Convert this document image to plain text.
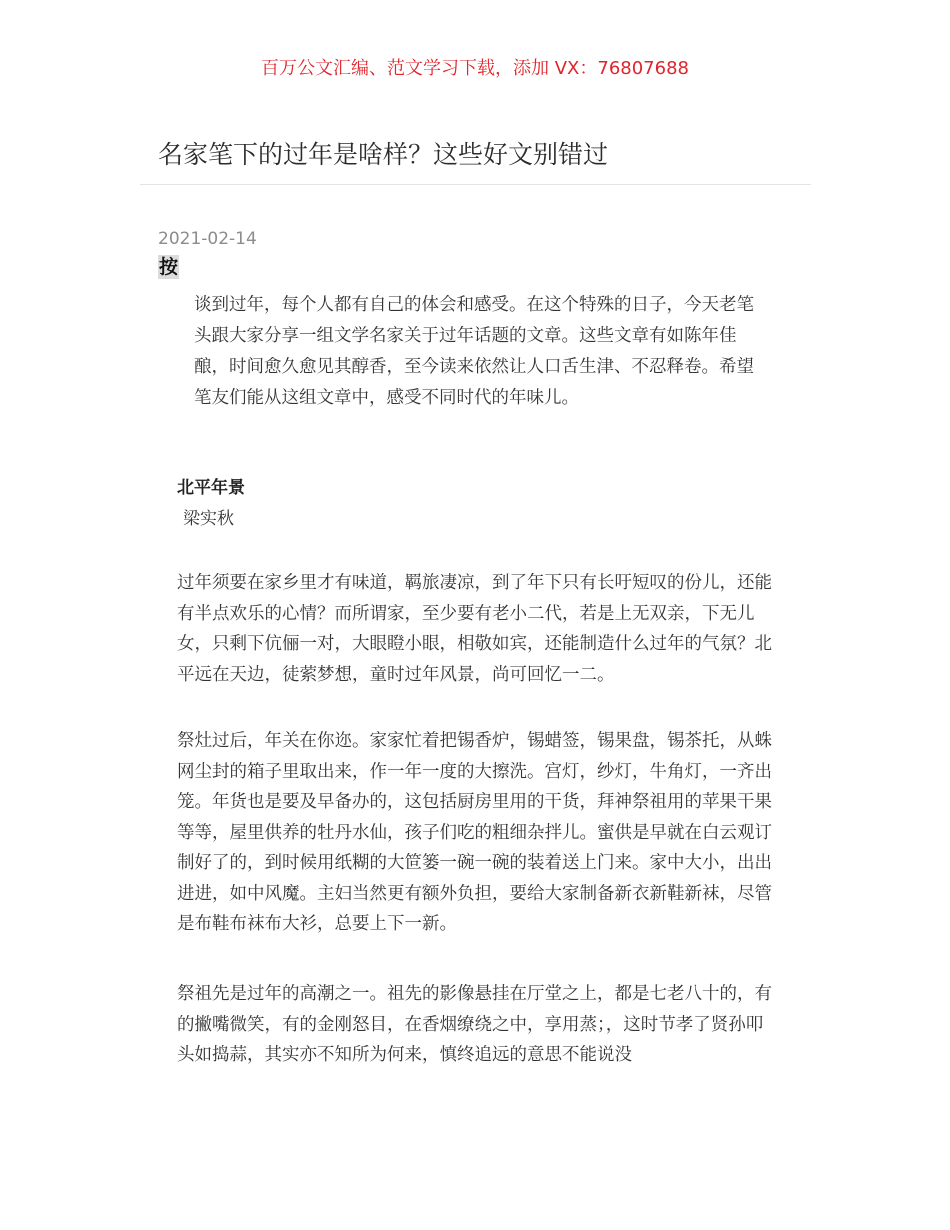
百万公文汇编、范文学习下载，添加 VX：76807688
名家笔下的过年是啥样？这些好文别错过
2021-02-14
按

谈到过年，每个人都有自己的体会和感受。在这个特殊的日子，今天老笔头跟大家分享一组文学名家关于过年话题的文章。这些文章有如陈年佳酿，时间愈久愈见其醇香，至今读来依然让人口舌生津、不忍释卷。希望笔友们能从这组文章中，感受不同时代的年味儿。

北平年景
梁实秋

过年须要在家乡里才有味道，羁旅凄凉，到了年下只有长吁短叹的份儿，还能有半点欢乐的心情？而所谓家，至少要有老小二代，若是上无双亲，下无儿女，只剩下伉俪一对，大眼瞪小眼，相敬如宾，还能制造什么过年的气氛？北平远在天边，徒萦梦想，童时过年风景，尚可回忆一二。

祭灶过后，年关在你迩。家家忙着把锡香炉，锡蜡签，锡果盘，锡茶托，从蛛网尘封的箱子里取出来，作一年一度的大擦洗。宫灯，纱灯，牛角灯，一齐出笼。年货也是要及早备办的，这包括厨房里用的干货，拜神祭祖用的苹果干果等等，屋里供养的牡丹水仙，孩子们吃的粗细杂拌儿。蜜供是早就在白云观订制好了的，到时候用纸糊的大笸篓一碗一碗的装着送上门来。家中大小，出出进进，如中风魔。主妇当然更有额外负担，要给大家制备新衣新鞋新袜，尽管是布鞋布袜布大衫，总要上下一新。

祭祖先是过年的高潮之一。祖先的影像悬挂在厅堂之上，都是七老八十的，有的撇嘴微笑，有的金刚怒目，在香烟缭绕之中，享用蒸；，这时节孝了贤孙叩头如捣蒜，其实亦不知所为何来，慎终追远的意思不能说没
